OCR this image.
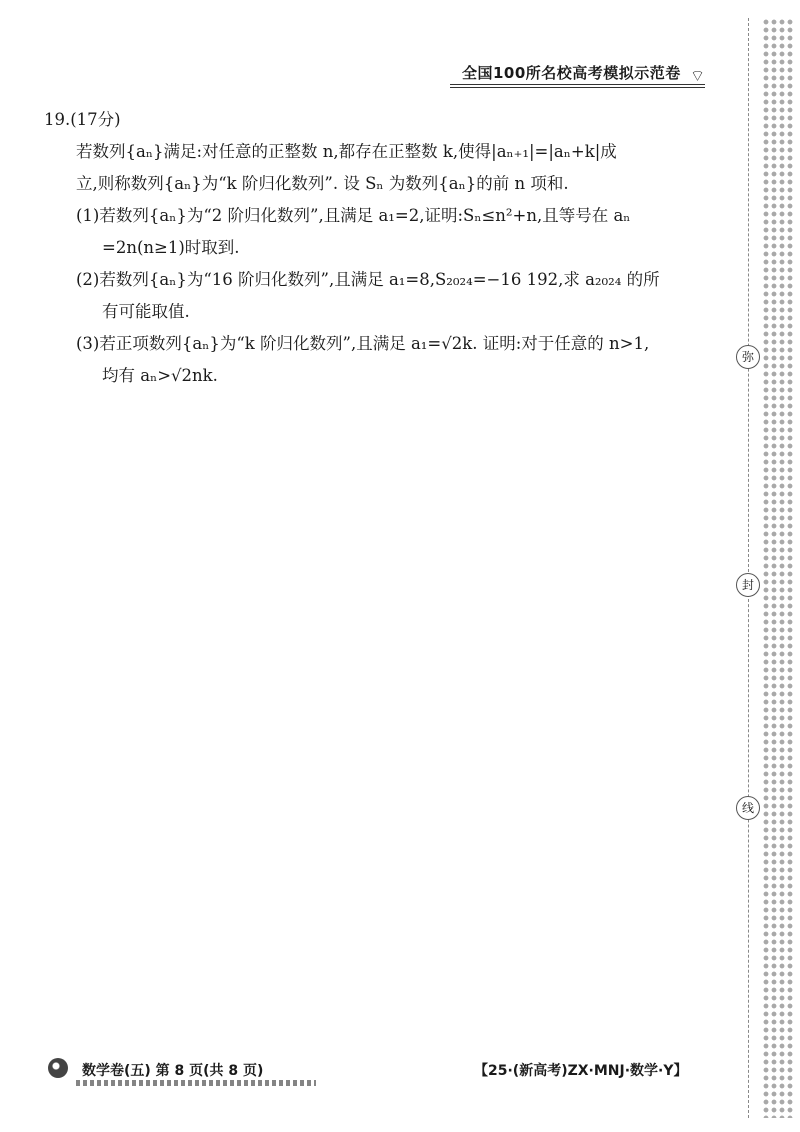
全国100所名校高考模拟示范卷 ⌔
19.(17分)
若数列{aₙ}满足:对任意的正整数 n,都存在正整数 k,使得|aₙ₊₁|=|aₙ+k|成
立,则称数列{aₙ}为“k 阶归化数列”. 设 Sₙ 为数列{aₙ}的前 n 项和.
(1)若数列{aₙ}为“2 阶归化数列”,且满足 a₁=2,证明:Sₙ≤n²+n,且等号在 aₙ
=2n(n≥1)时取到.
(2)若数列{aₙ}为“16 阶归化数列”,且满足 a₁=8,S₂₀₂₄=−16 192,求 a₂₀₂₄ 的所
有可能取值.
(3)若正项数列{aₙ}为“k 阶归化数列”,且满足 a₁=√2k. 证明:对于任意的 n>1,
均有 aₙ>√2nk.
弥
封
线
数学卷(五) 第 8 页(共 8 页)	【25·(新高考)ZX·MNJ·数学·Y】
